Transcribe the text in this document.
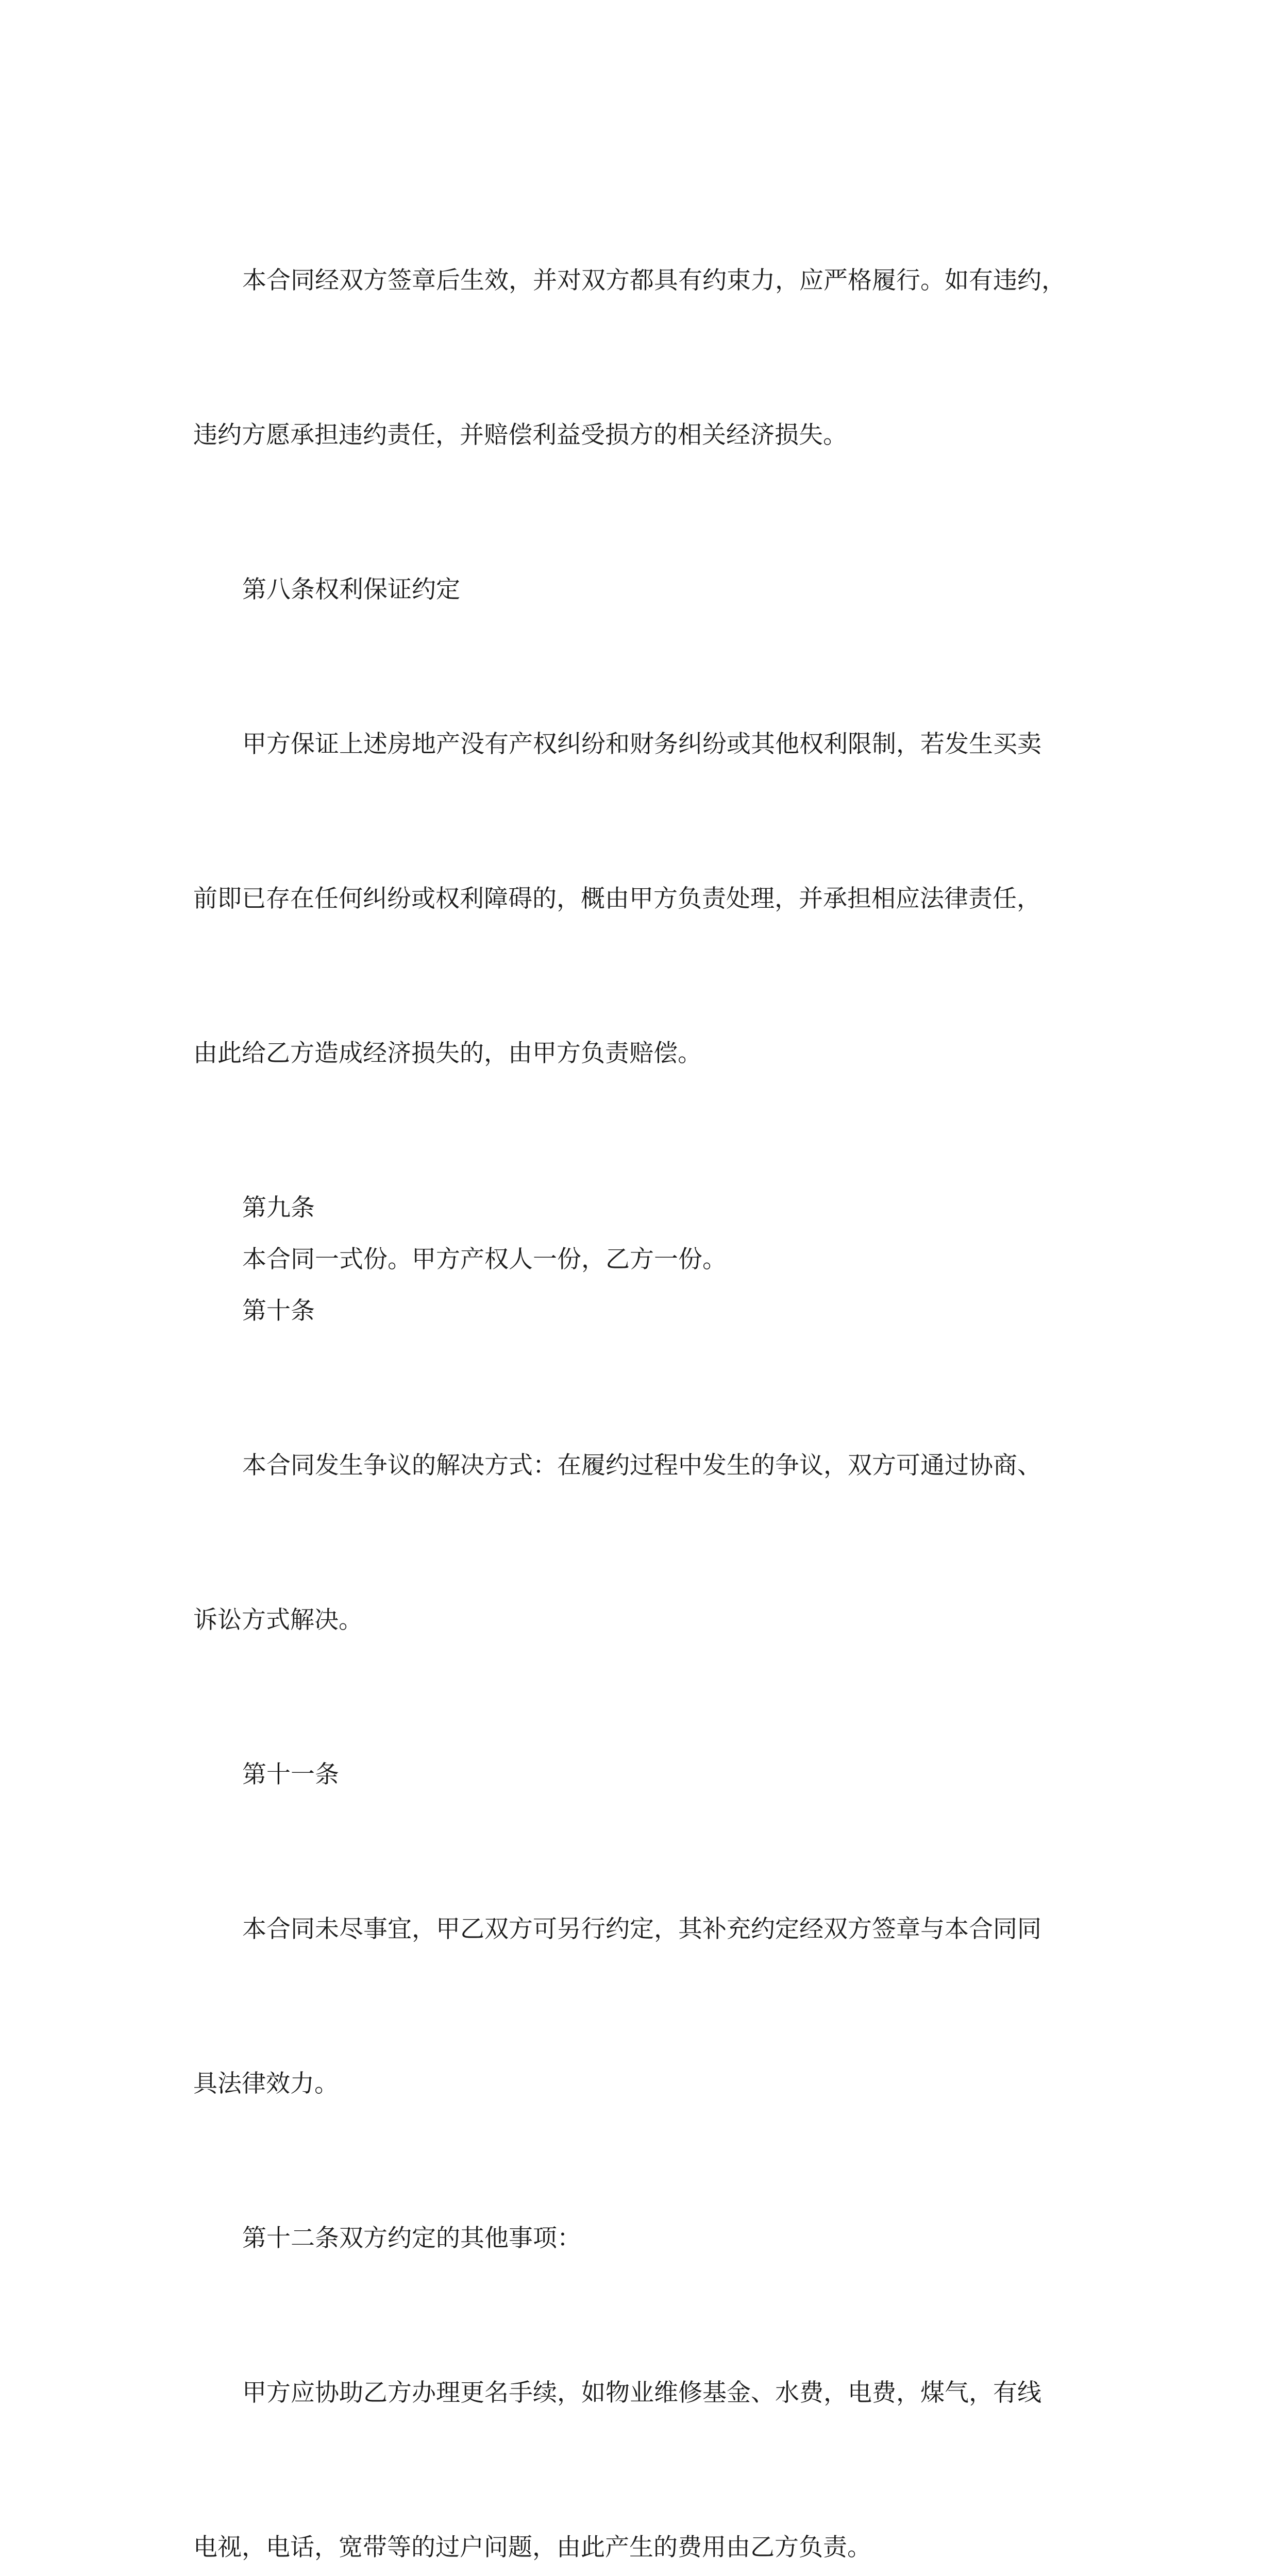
本合同经双方签章后生效，并对双方都具有约束力，应严格履行。如有违约，

违约方愿承担违约责任，并赔偿利益受损方的相关经济损失。

第八条权利保证约定

甲方保证上述房地产没有产权纠纷和财务纠纷或其他权利限制，若发生买卖

前即已存在任何纠纷或权利障碍的，概由甲方负责处理，并承担相应法律责任，

由此给乙方造成经济损失的，由甲方负责赔偿。

第九条

本合同一式份。甲方产权人一份，乙方一份。

第十条

本合同发生争议的解决方式：在履约过程中发生的争议，双方可通过协商、

诉讼方式解决。

第十一条

本合同未尽事宜，甲乙双方可另行约定，其补充约定经双方签章与本合同同

具法律效力。

第十二条双方约定的其他事项：

甲方应协助乙方办理更名手续，如物业维修基金、水费，电费，煤气，有线

电视，电话，宽带等的过户问题，由此产生的费用由乙方负责。
